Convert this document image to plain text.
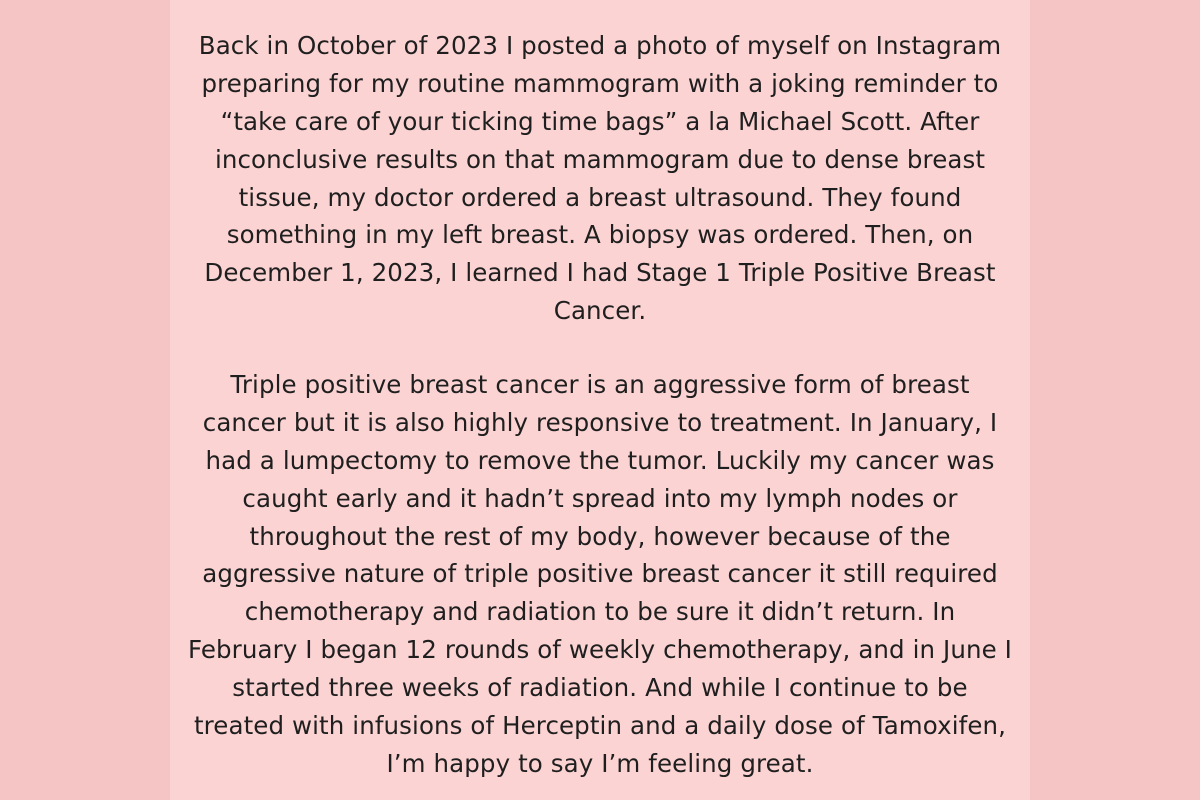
Back in October of 2023 I posted a photo of myself on Instagram
preparing for my routine mammogram with a joking reminder to
“take care of your ticking time bags” a la Michael Scott. After
inconclusive results on that mammogram due to dense breast
tissue, my doctor ordered a breast ultrasound. They found
something in my left breast. A biopsy was ordered. Then, on
December 1, 2023, I learned I had Stage 1 Triple Positive Breast
Cancer.
Triple positive breast cancer is an aggressive form of breast
cancer but it is also highly responsive to treatment. In January, I
had a lumpectomy to remove the tumor. Luckily my cancer was
caught early and it hadn’t spread into my lymph nodes or
throughout the rest of my body, however because of the
aggressive nature of triple positive breast cancer it still required
chemotherapy and radiation to be sure it didn’t return. In
February I began 12 rounds of weekly chemotherapy, and in June I
started three weeks of radiation. And while I continue to be
treated with infusions of Herceptin and a daily dose of Tamoxifen,
I’m happy to say I’m feeling great.
